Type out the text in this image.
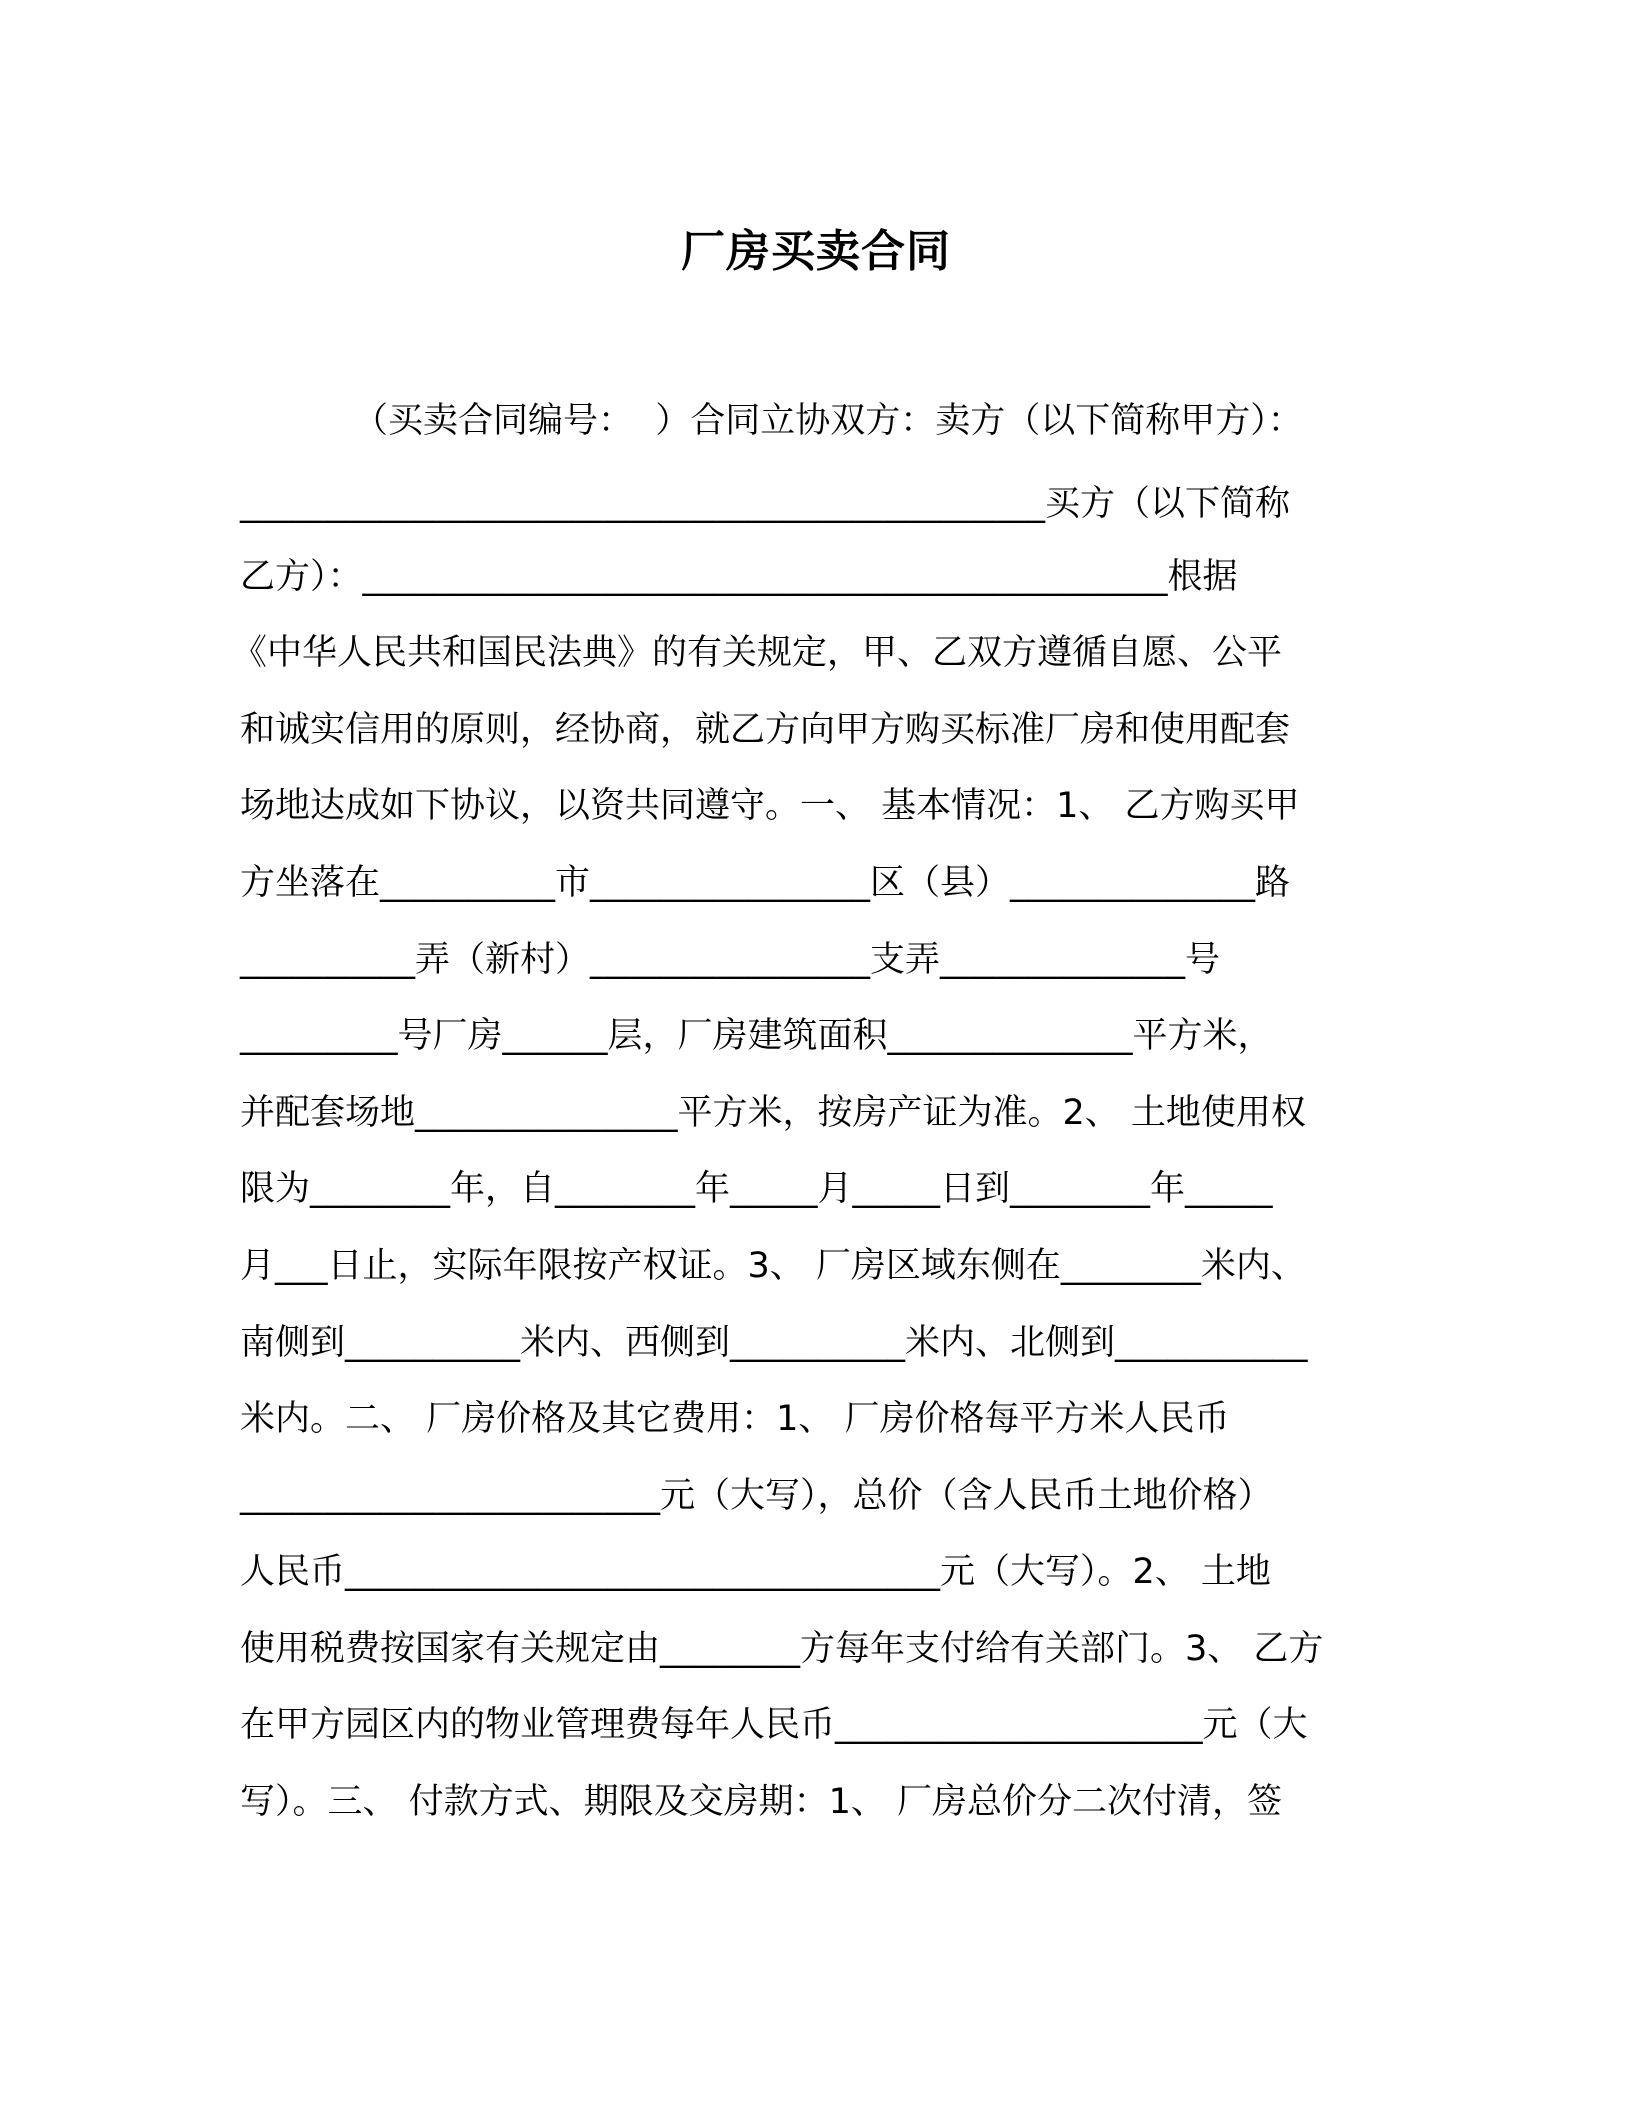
厂房买卖合同
（买卖合同编号：  ）合同立协双方：卖方（以下简称甲方）：
______________________________________________买方（以下简称
乙方）：______________________________________________根据
《中华人民共和国民法典》的有关规定，甲、乙双方遵循自愿、公平
和诚实信用的原则，经协商，就乙方向甲方购买标准厂房和使用配套
场地达成如下协议，以资共同遵守。一、 基本情况：1、 乙方购买甲
方坐落在__________市________________区（县）______________路
__________弄（新村）________________支弄______________号
_________号厂房______层，厂房建筑面积______________平方米，
并配套场地_______________平方米，按房产证为准。2、 土地使用权
限为________年，自________年_____月_____日到________年_____
月___日止，实际年限按产权证。3、 厂房区域东侧在________米内、
南侧到__________米内、西侧到__________米内、北侧到___________
米内。二、 厂房价格及其它费用：1、 厂房价格每平方米人民币
________________________元（大写），总价（含人民币土地价格）
人民币__________________________________元（大写）。2、 土地
使用税费按国家有关规定由________方每年支付给有关部门。3、 乙方
在甲方园区内的物业管理费每年人民币_____________________元（大
写）。三、 付款方式、期限及交房期：1、 厂房总价分二次付清，签
